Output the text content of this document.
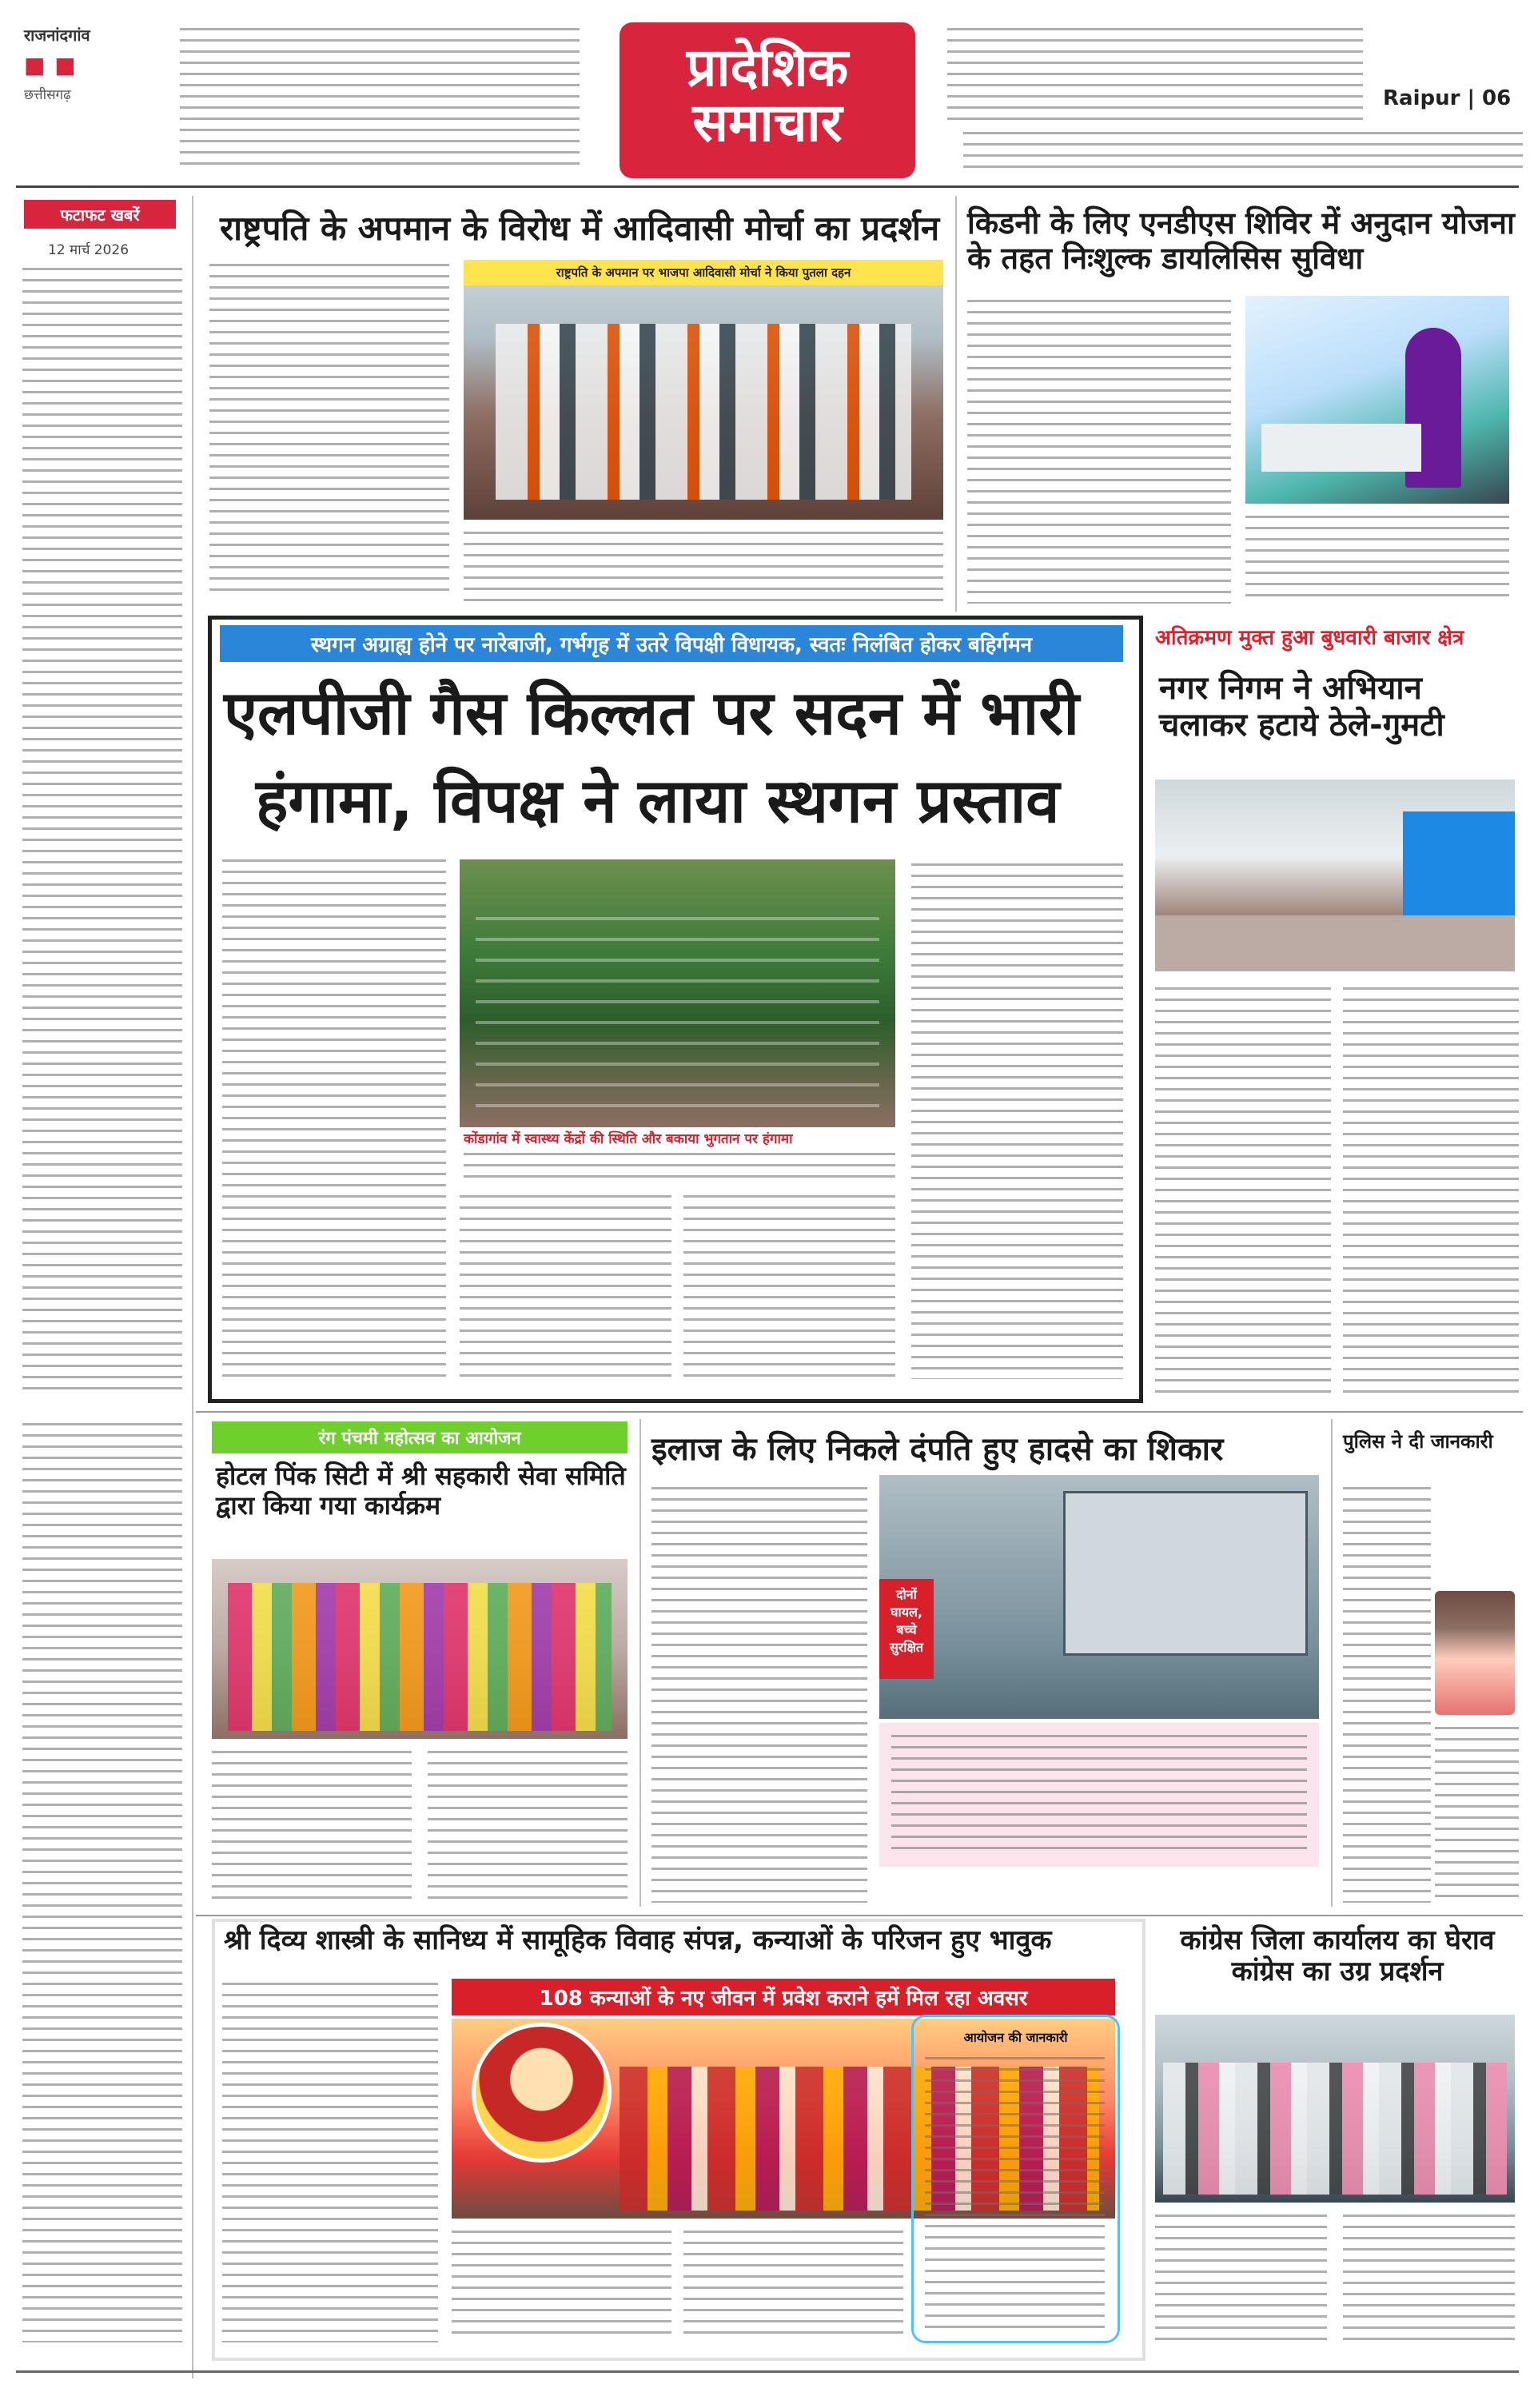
राजनांदगांव
■ ■
छत्तीसगढ़	प्रादेशिक
समाचार	Raipur | 06
फटाफट खबरें
12 मार्च 2026
राष्ट्रपति के अपमान के विरोध में आदिवासी मोर्चा का प्रदर्शन
राष्ट्रपति के अपमान पर भाजपा आदिवासी मोर्चा ने किया पुतला दहन
किडनी के लिए एनडीएस शिविर में अनुदान योजना के तहत निःशुल्क डायलिसिस सुविधा
स्थगन अग्राह्य होने पर नारेबाजी, गर्भगृह में उतरे विपक्षी विधायक, स्वतः निलंबित होकर बहिर्गमन
एलपीजी गैस किल्लत पर सदन में भारी
हंगामा, विपक्ष ने लाया स्थगन प्रस्ताव
कोंडागांव में स्वास्थ्य केंद्रों की स्थिति और बकाया भुगतान पर हंगामा
अतिक्रमण मुक्त हुआ बुधवारी बाजार क्षेत्र
नगर निगम ने अभियान चलाकर हटाये ठेले-गुमटी
रंग पंचमी महोत्सव का आयोजन
होटल पिंक सिटी में श्री सहकारी सेवा समिति द्वारा किया गया कार्यक्रम
इलाज के लिए निकले दंपति हुए हादसे का शिकार
दोनों
घायल,
बच्चे
सुरक्षित
पुलिस ने दी जानकारी
श्री दिव्य शास्त्री के सानिध्य में सामूहिक विवाह संपन्न, कन्याओं के परिजन हुए भावुक
108 कन्याओं के नए जीवन में प्रवेश कराने हमें मिल रहा अवसर
आयोजन की जानकारी
कांग्रेस जिला कार्यालय का घेराव कांग्रेस का उग्र प्रदर्शन
